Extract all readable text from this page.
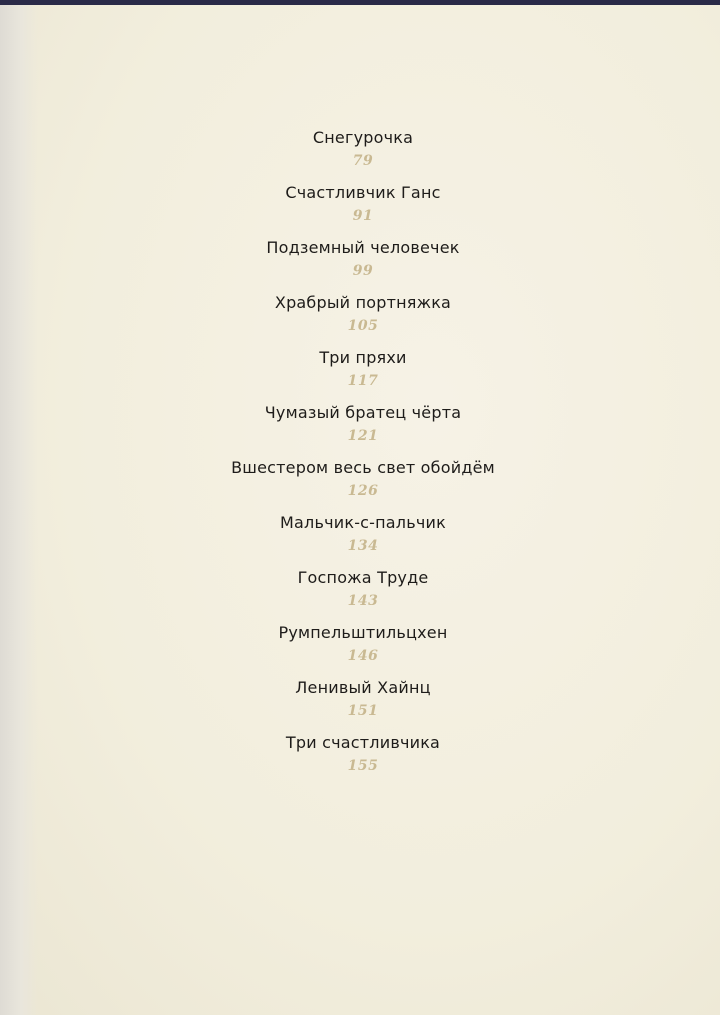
Снегурочка
79
Счастливчик Ганс
91
Подземный человечек
99
Храбрый портняжка
105
Три пряхи
117
Чумазый братец чёрта
121
Вшестером весь свет обойдём
126
Мальчик-с-пальчик
134
Госпожа Труде
143
Румпельштильцхен
146
Ленивый Хайнц
151
Три счастливчика
155
